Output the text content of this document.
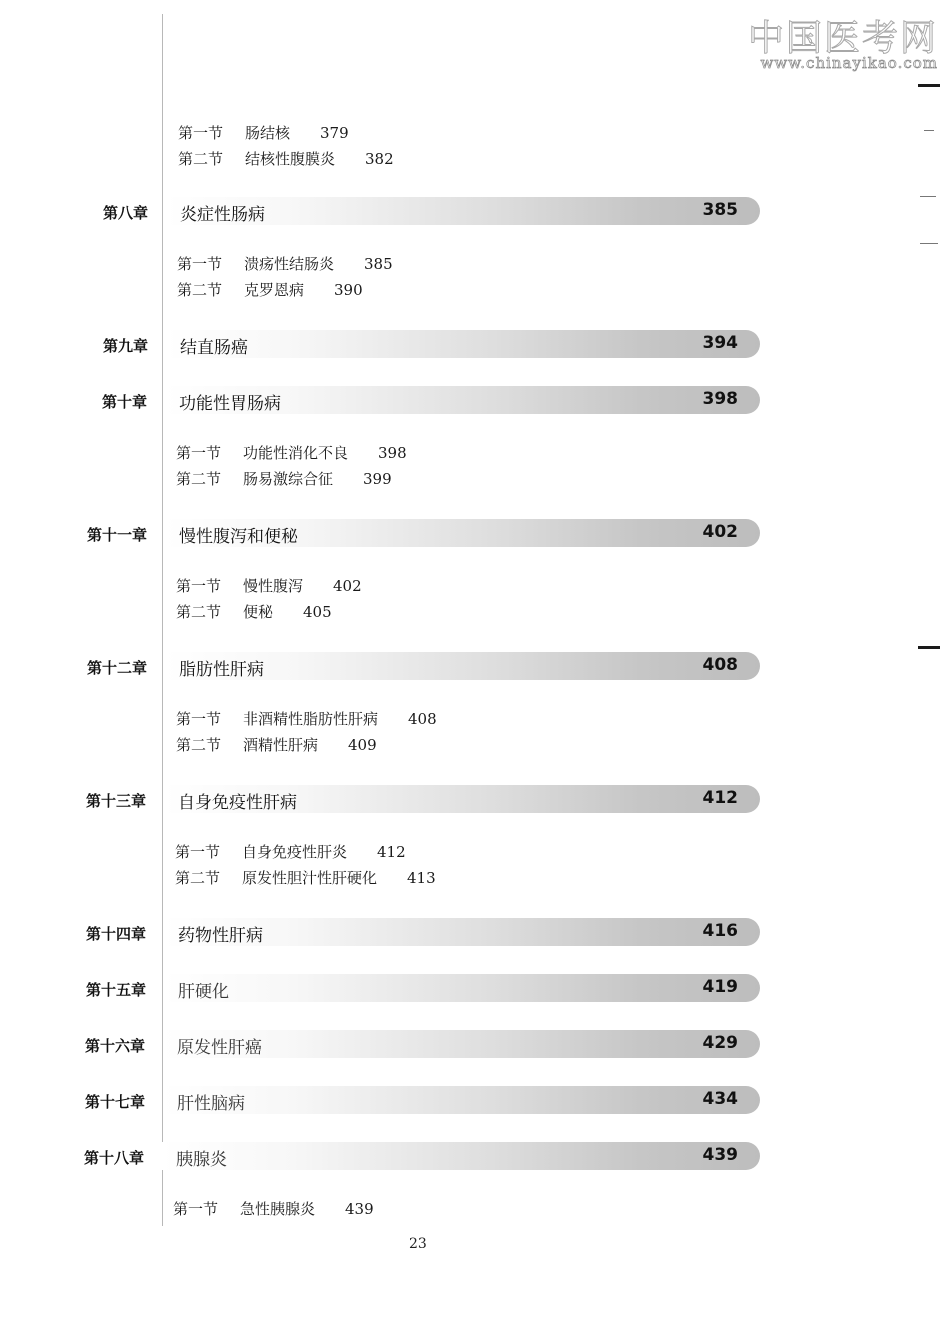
中国医考网
www.chinayikao.com
第一节 肠结核 379
第二节 结核性腹膜炎 382
第八章 炎症性肠病	385
第一节 溃疡性结肠炎 385
第二节 克罗恩病 390
第九章 结直肠癌	394
第十章 功能性胃肠病	398
第一节 功能性消化不良 398
第二节 肠易激综合征 399
第十一章 慢性腹泻和便秘	402
第一节 慢性腹泻 402
第二节 便秘 405
第十二章 脂肪性肝病	408
第一节 非酒精性脂肪性肝病 408
第二节 酒精性肝病 409
第十三章 自身免疫性肝病	412
第一节 自身免疫性肝炎 412
第二节 原发性胆汁性肝硬化 413
第十四章 药物性肝病	416
第十五章 肝硬化	419
第十六章 原发性肝癌	429
第十七章 肝性脑病	434
第十八章 胰腺炎	439
第一节 急性胰腺炎 439
23
